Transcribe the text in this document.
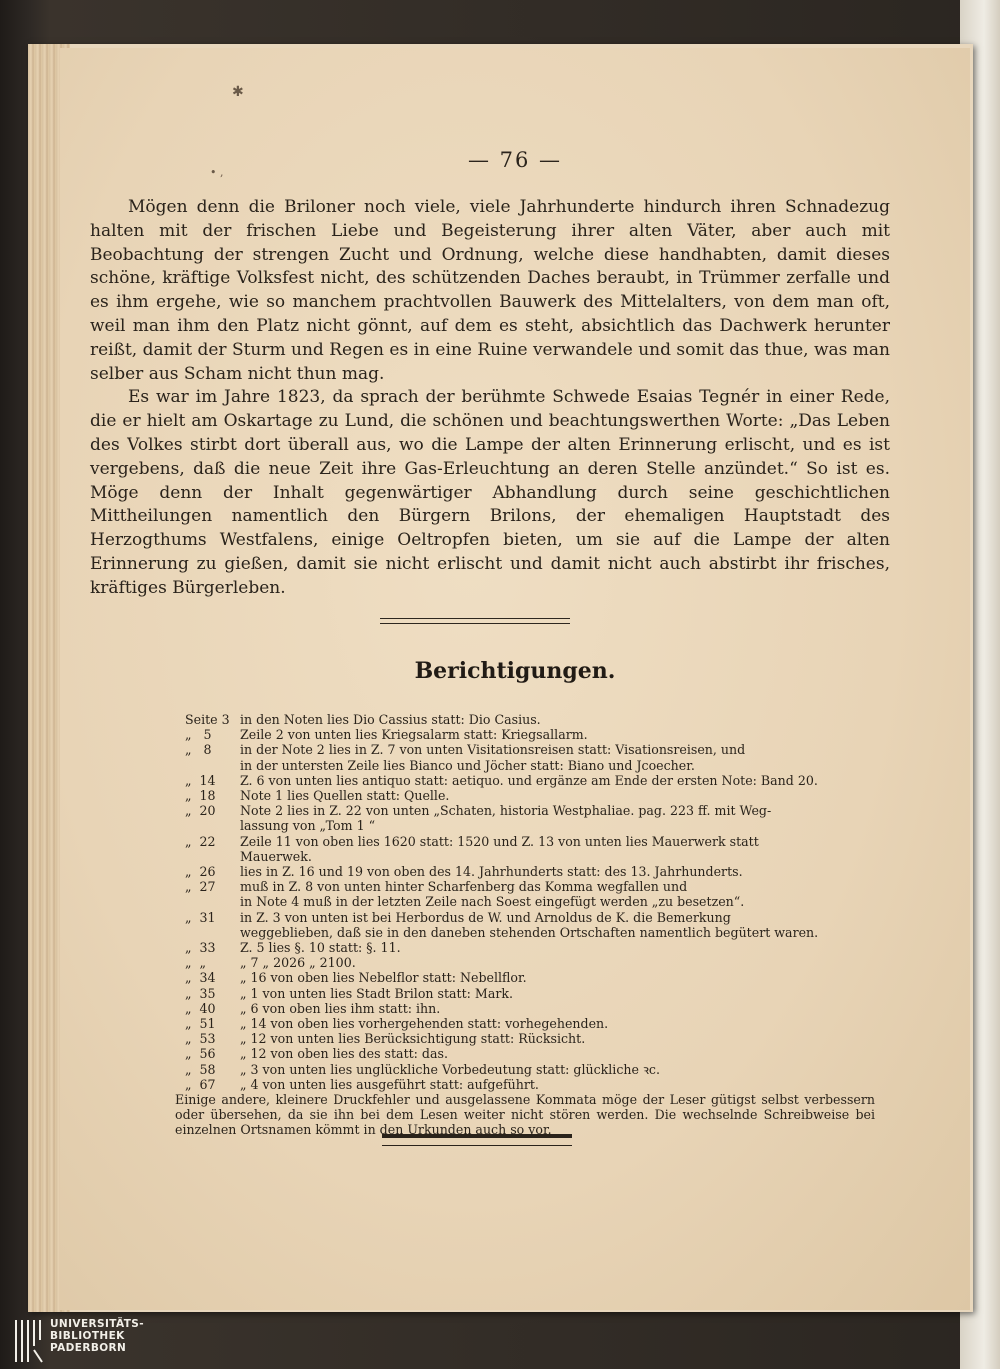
✱
• ,
— 76 —

Mögen denn die Briloner noch viele, viele Jahrhunderte hindurch ihren Schnadezug halten mit der frischen Liebe und Begeisterung ihrer alten Väter, aber auch mit Beobachtung der strengen Zucht und Ordnung, welche diese handhabten, damit dieses schöne, kräftige Volksfest nicht, des schützenden Daches beraubt, in Trümmer zerfalle und es ihm ergehe, wie so manchem prachtvollen Bauwerk des Mittelalters, von dem man oft, weil man ihm den Platz nicht gönnt, auf dem es steht, absichtlich das Dachwerk herunter reißt, damit der Sturm und Regen es in eine Ruine verwandele und somit das thue, was man selber aus Scham nicht thun mag.

Es war im Jahre 1823, da sprach der berühmte Schwede Esaias Tegnér in einer Rede, die er hielt am Oskartage zu Lund, die schönen und beachtungswerthen Worte: „Das Leben des Volkes stirbt dort überall aus, wo die Lampe der alten Erinnerung erlischt, und es ist vergebens, daß die neue Zeit ihre Gas-Erleuchtung an deren Stelle anzündet.“ So ist es. Möge denn der Inhalt gegenwärtiger Abhandlung durch seine geschichtlichen Mittheilungen namentlich den Bürgern Brilons, der ehemaligen Hauptstadt des Herzogthums Westfalens, einige Oeltropfen bieten, um sie auf die Lampe der alten Erinnerung zu gießen, damit sie nicht erlischt und damit nicht auch abstirbt ihr frisches, kräftiges Bürgerleben.

Berichtigungen.
Seite 3 in den Noten lies Dio Cassius statt: Dio Casius.
„   5	Zeile 2 von unten lies Kriegsalarm statt: Kriegsallarm.
„   8	in der Note 2 lies in Z. 7 von unten Visitationsreisen statt: Visationsreisen, und
in der untersten Zeile lies Bianco und Jöcher statt: Biano und Jcoecher.
„  14	Z. 6 von unten lies antiquo statt: aetiquo. und ergänze am Ende der ersten Note: Band 20.
„  18	Note 1 lies Quellen statt: Quelle.
„  20	Note 2 lies in Z. 22 von unten „Schaten, historia Westphaliae. pag. 223 ff. mit Weg-
lassung von „Tom 1 “
„  22	Zeile 11 von oben lies 1620 statt: 1520 und Z. 13 von unten lies Mauerwerk statt
Mauerwek.
„  26	lies in Z. 16 und 19 von oben des 14. Jahrhunderts statt: des 13. Jahrhunderts.
„  27	muß in Z. 8 von unten hinter Scharfenberg das Komma wegfallen und
in Note 4 muß in der letzten Zeile nach Soest eingefügt werden „zu besetzen“.
„  31	in Z. 3 von unten ist bei Herbordus de W. und Arnoldus de K. die Bemerkung
weggeblieben, daß sie in den daneben stehenden Ortschaften namentlich begütert waren.
„  33	Z. 5 lies §. 10 statt: §. 11.
„  „	„ 7 „ 2026 „ 2100.
„  34	„ 16 von oben lies Nebelflor statt: Nebellflor.
„  35	„ 1 von unten lies Stadt Brilon statt: Mark.
„  40	„ 6 von oben lies ihm statt: ihn.
„  51	„ 14 von oben lies vorhergehenden statt: vorhegehenden.
„  53	„ 12 von unten lies Berücksichtigung statt: Rücksicht.
„  56	„ 12 von oben lies des statt: das.
„  58	„ 3 von unten lies unglückliche Vorbedeutung statt: glückliche ꝛc.
„  67	„ 4 von unten lies ausgeführt statt: aufgeführt.
Einige andere, kleinere Druckfehler und ausgelassene Kommata möge der Leser gütigst selbst verbessern oder übersehen, da sie ihn bei dem Lesen weiter nicht stören werden. Die wechselnde Schreibweise bei einzelnen Ortsnamen kömmt in den Urkunden auch so vor.
UNIVERSITÄTS-
BIBLIOTHEK
PADERBORN
